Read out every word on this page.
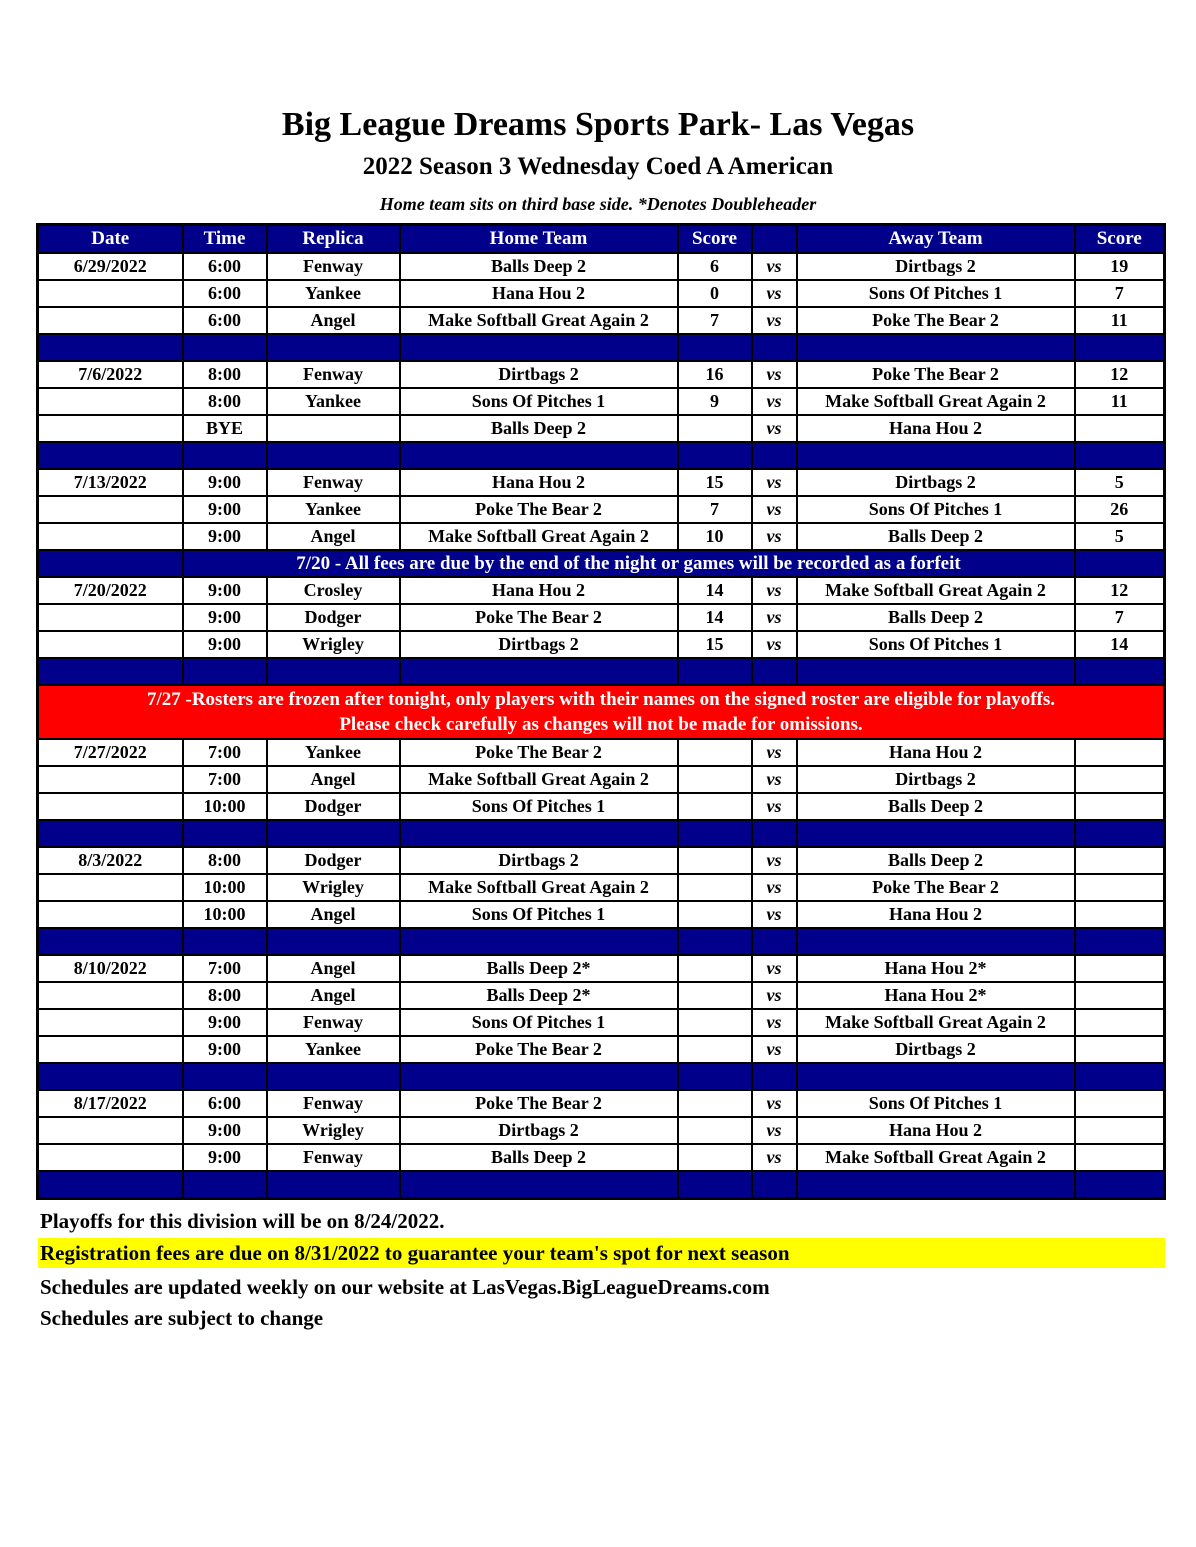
Big League Dreams Sports Park- Las Vegas
2022 Season 3 Wednesday Coed A American
Home team sits on third base side. *Denotes Doubleheader
Date	Time	Replica	Home Team	Score		Away Team	Score
6/29/2022	6:00	Fenway	Balls Deep 2	6	vs	Dirtbags 2	19
	6:00	Yankee	Hana Hou 2	0	vs	Sons Of Pitches 1	7
	6:00	Angel	Make Softball Great Again 2	7	vs	Poke The Bear 2	11

7/6/2022	8:00	Fenway	Dirtbags 2	16	vs	Poke The Bear 2	12
	8:00	Yankee	Sons Of Pitches 1	9	vs	Make Softball Great Again 2	11
	BYE		Balls Deep 2		vs	Hana Hou 2	

7/13/2022	9:00	Fenway	Hana Hou 2	15	vs	Dirtbags 2	5
	9:00	Yankee	Poke The Bear 2	7	vs	Sons Of Pitches 1	26
	9:00	Angel	Make Softball Great Again 2	10	vs	Balls Deep 2	5
	7/20 - All fees are due by the end of the night or games will be recorded as a forfeit						
7/20/2022	9:00	Crosley	Hana Hou 2	14	vs	Make Softball Great Again 2	12
	9:00	Dodger	Poke The Bear 2	14	vs	Balls Deep 2	7
	9:00	Wrigley	Dirtbags 2	15	vs	Sons Of Pitches 1	14

7/27 -Rosters are frozen after tonight, only players with their names on the signed roster are eligible for playoffs.
Please check carefully as changes will not be made for omissions.							

7/27/2022	7:00	Yankee	Poke The Bear 2		vs	Hana Hou 2	
	7:00	Angel	Make Softball Great Again 2		vs	Dirtbags 2	
	10:00	Dodger	Sons Of Pitches 1		vs	Balls Deep 2	

8/3/2022	8:00	Dodger	Dirtbags 2		vs	Balls Deep 2	
	10:00	Wrigley	Make Softball Great Again 2		vs	Poke The Bear 2	
	10:00	Angel	Sons Of Pitches 1		vs	Hana Hou 2	

8/10/2022	7:00	Angel	Balls Deep 2*		vs	Hana Hou 2*	
	8:00	Angel	Balls Deep 2*		vs	Hana Hou 2*	
	9:00	Fenway	Sons Of Pitches 1		vs	Make Softball Great Again 2	
	9:00	Yankee	Poke The Bear 2		vs	Dirtbags 2	

8/17/2022	6:00	Fenway	Poke The Bear 2		vs	Sons Of Pitches 1	
	9:00	Wrigley	Dirtbags 2		vs	Hana Hou 2	
	9:00	Fenway	Balls Deep 2		vs	Make Softball Great Again 2	

Playoffs for this division will be on 8/24/2022.
Registration fees are due on 8/31/2022 to guarantee your team's spot for next season
Schedules are updated weekly on our website at LasVegas.BigLeagueDreams.com
Schedules are subject to change
